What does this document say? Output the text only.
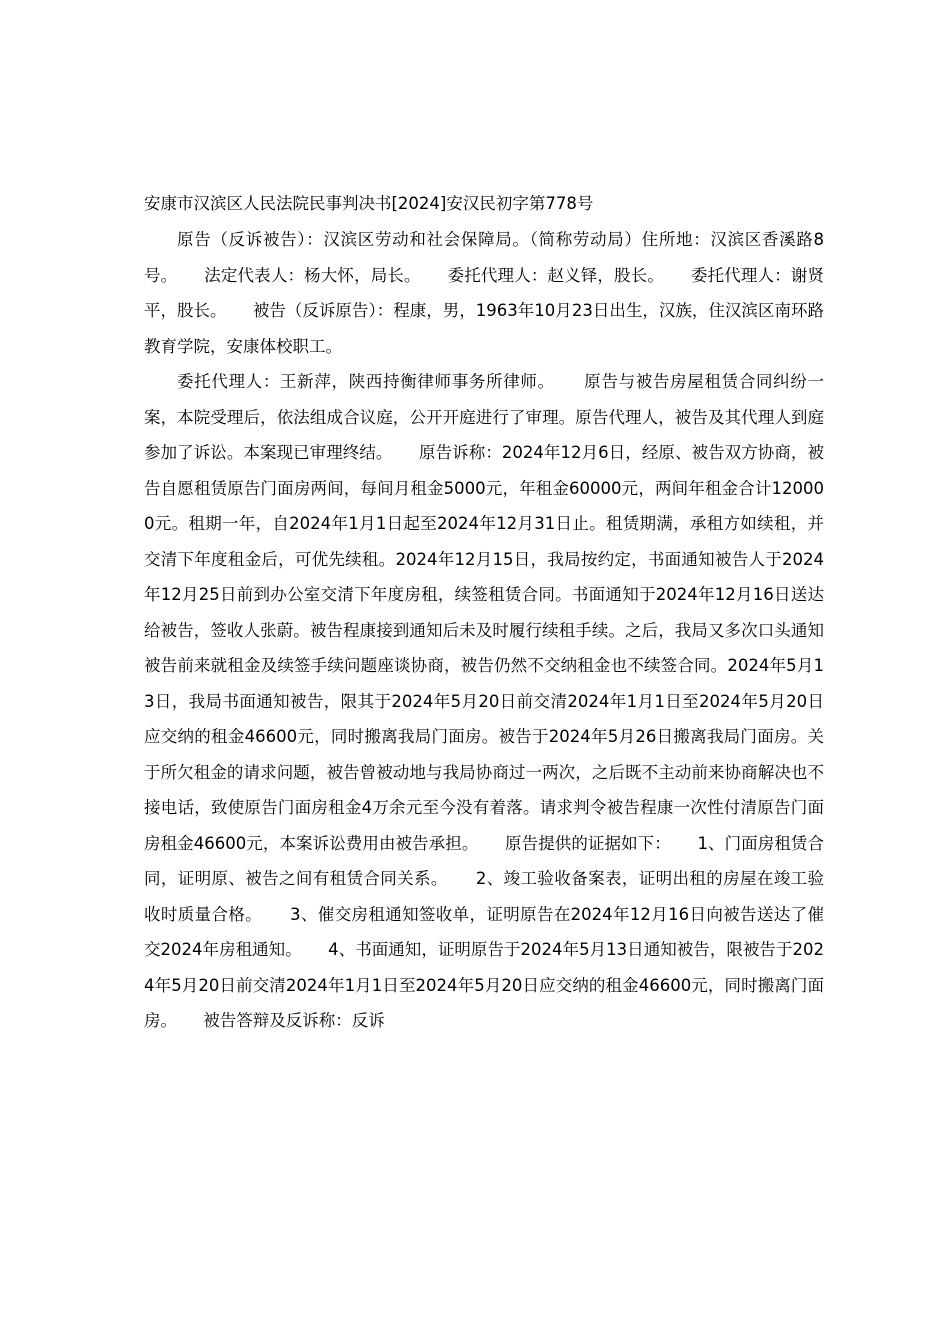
安康市汉滨区人民法院民事判决书[2024]安汉民初字第778号

原告（反诉被告）：汉滨区劳动和社会保障局。（简称劳动局）住所地：汉滨区香溪路8号。     法定代表人：杨大怀，局长。     委托代理人：赵义铎，股长。     委托代理人：谢贤平，股长。     被告（反诉原告）：程康，男，1963年10月23日出生，汉族，住汉滨区南环路教育学院，安康体校职工。

委托代理人：王新萍，陕西持衡律师事务所律师。     原告与被告房屋租赁合同纠纷一案，本院受理后，依法组成合议庭，公开开庭进行了审理。原告代理人，被告及其代理人到庭参加了诉讼。本案现已审理终结。     原告诉称：2024年12月6日，经原、被告双方协商，被告自愿租赁原告门面房两间，每间月租金5000元，年租金60000元，两间年租金合计120000元。租期一年，自2024年1月1日起至2024年12月31日止。租赁期满，承租方如续租，并交清下年度租金后，可优先续租。2024年12月15日，我局按约定，书面通知被告人于2024年12月25日前到办公室交清下年度房租，续签租赁合同。书面通知于2024年12月16日送达给被告，签收人张蔚。被告程康接到通知后未及时履行续租手续。之后，我局又多次口头通知被告前来就租金及续签手续问题座谈协商，被告仍然不交纳租金也不续签合同。2024年5月13日，我局书面通知被告，限其于2024年5月20日前交清2024年1月1日至2024年5月20日应交纳的租金46600元，同时搬离我局门面房。被告于2024年5月26日搬离我局门面房。关于所欠租金的请求问题，被告曾被动地与我局协商过一两次，之后既不主动前来协商解决也不接电话，致使原告门面房租金4万余元至今没有着落。请求判令被告程康一次性付清原告门面房租金46600元，本案诉讼费用由被告承担。     原告提供的证据如下：     1、门面房租赁合同，证明原、被告之间有租赁合同关系。     2、竣工验收备案表，证明出租的房屋在竣工验收时质量合格。     3、催交房租通知签收单，证明原告在2024年12月16日向被告送达了催交2024年房租通知。     4、书面通知，证明原告于2024年5月13日通知被告，限被告于2024年5月20日前交清2024年1月1日至2024年5月20日应交纳的租金46600元，同时搬离门面房。     被告答辩及反诉称：反诉
